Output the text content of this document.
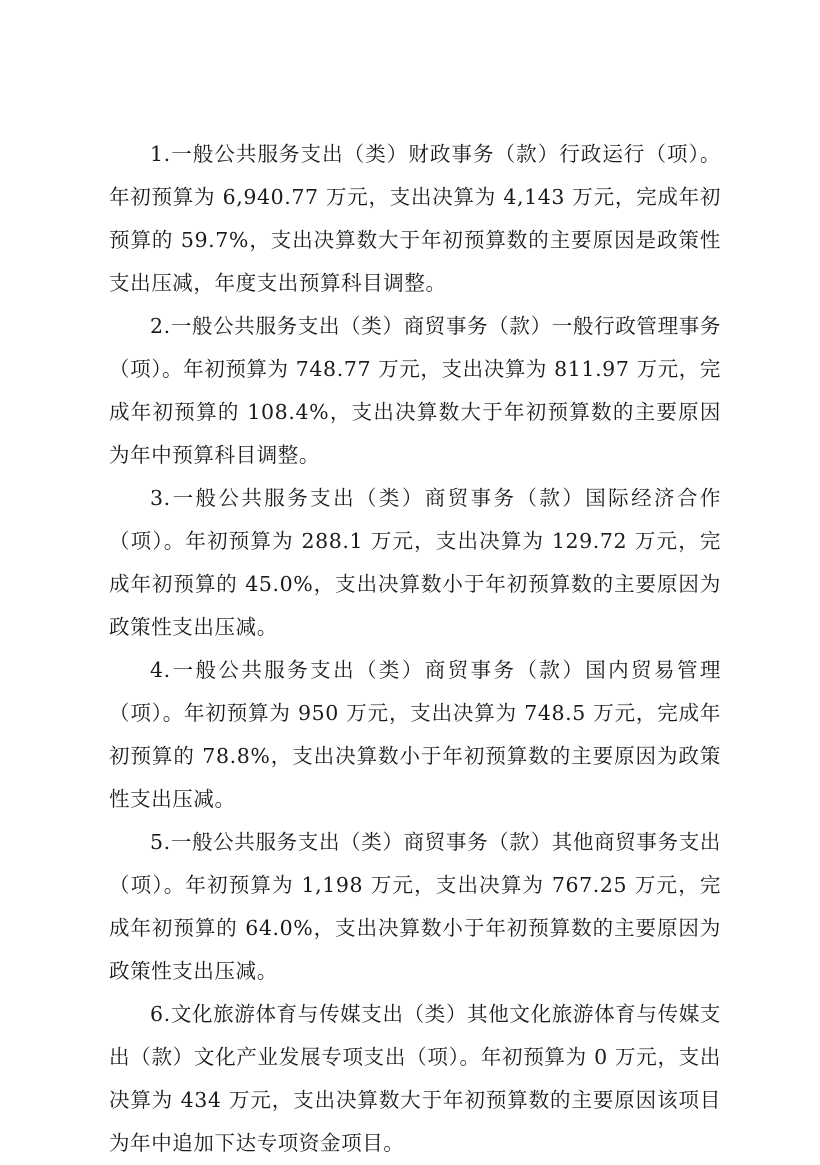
1.一般公共服务支出（类）财政事务（款）行政运行（项）。年初预算为 6,940.77 万元，支出决算为 4,143 万元，完成年初预算的 59.7%，支出决算数大于年初预算数的主要原因是政策性支出压减，年度支出预算科目调整。

2.一般公共服务支出（类）商贸事务（款）一般行政管理事务（项）。年初预算为 748.77 万元，支出决算为 811.97 万元，完成年初预算的 108.4%，支出决算数大于年初预算数的主要原因为年中预算科目调整。

3.一般公共服务支出（类）商贸事务（款）国际经济合作（项）。年初预算为 288.1 万元，支出决算为 129.72 万元，完成年初预算的 45.0%，支出决算数小于年初预算数的主要原因为政策性支出压减。

4.一般公共服务支出（类）商贸事务（款）国内贸易管理（项）。年初预算为 950 万元，支出决算为 748.5 万元，完成年初预算的 78.8%，支出决算数小于年初预算数的主要原因为政策性支出压减。

5.一般公共服务支出（类）商贸事务（款）其他商贸事务支出（项）。年初预算为 1,198 万元，支出决算为 767.25 万元，完成年初预算的 64.0%，支出决算数小于年初预算数的主要原因为政策性支出压减。

6.文化旅游体育与传媒支出（类）其他文化旅游体育与传媒支出（款）文化产业发展专项支出（项）。年初预算为 0 万元，支出决算为 434 万元，支出决算数大于年初预算数的主要原因该项目为年中追加下达专项资金项目。
